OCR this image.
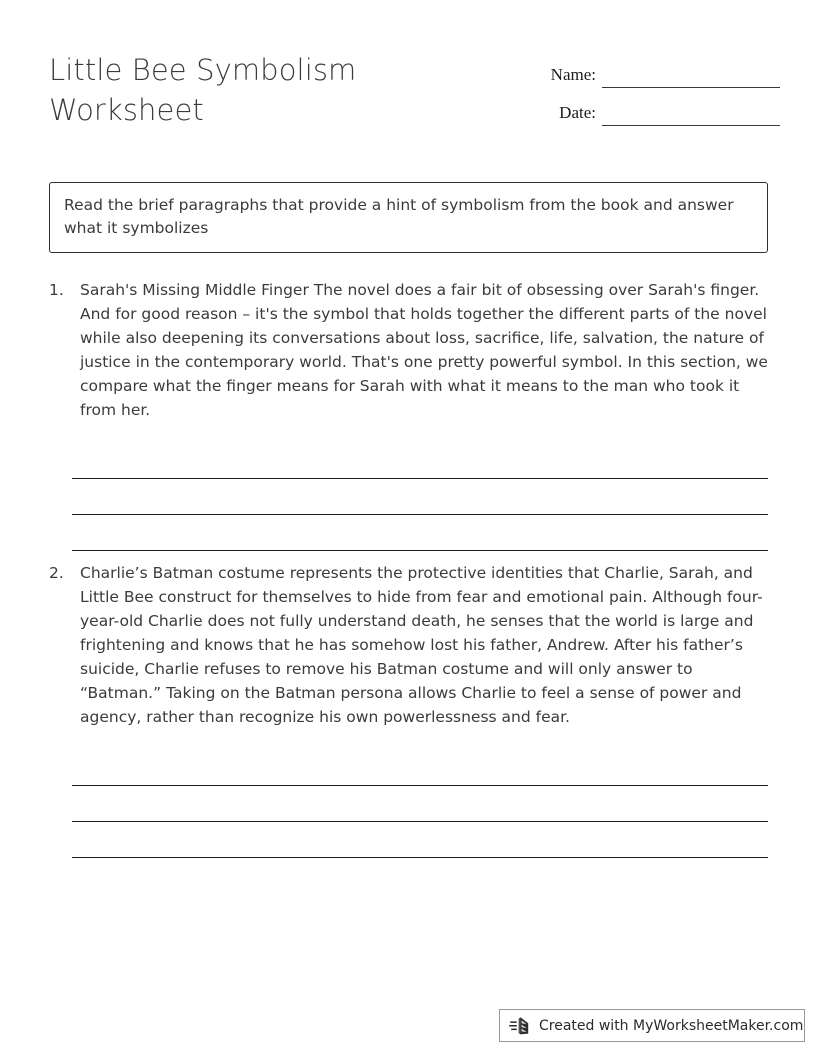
Little Bee Symbolism Worksheet
Name:
Date:
Read the brief paragraphs that provide a hint of symbolism from the book and answer what it symbolizes
1.	Sarah's Missing Middle Finger The novel does a fair bit of obsessing over Sarah's finger. And for good reason – it's the symbol that holds together the different parts of the novel while also deepening its conversations about loss, sacrifice, life, salvation, the nature of justice in the contemporary world. That's one pretty powerful symbol. In this section, we compare what the finger means for Sarah with what it means to the man who took it from her.
2.	Charlie’s Batman costume represents the protective identities that Charlie, Sarah, and Little Bee construct for themselves to hide from fear and emotional pain. Although four-year-old Charlie does not fully understand death, he senses that the world is large and frightening and knows that he has somehow lost his father, Andrew. After his father’s suicide, Charlie refuses to remove his Batman costume and will only answer to “Batman.” Taking on the Batman persona allows Charlie to feel a sense of power and agency, rather than recognize his own powerlessness and fear.
Created with MyWorksheetMaker.com
